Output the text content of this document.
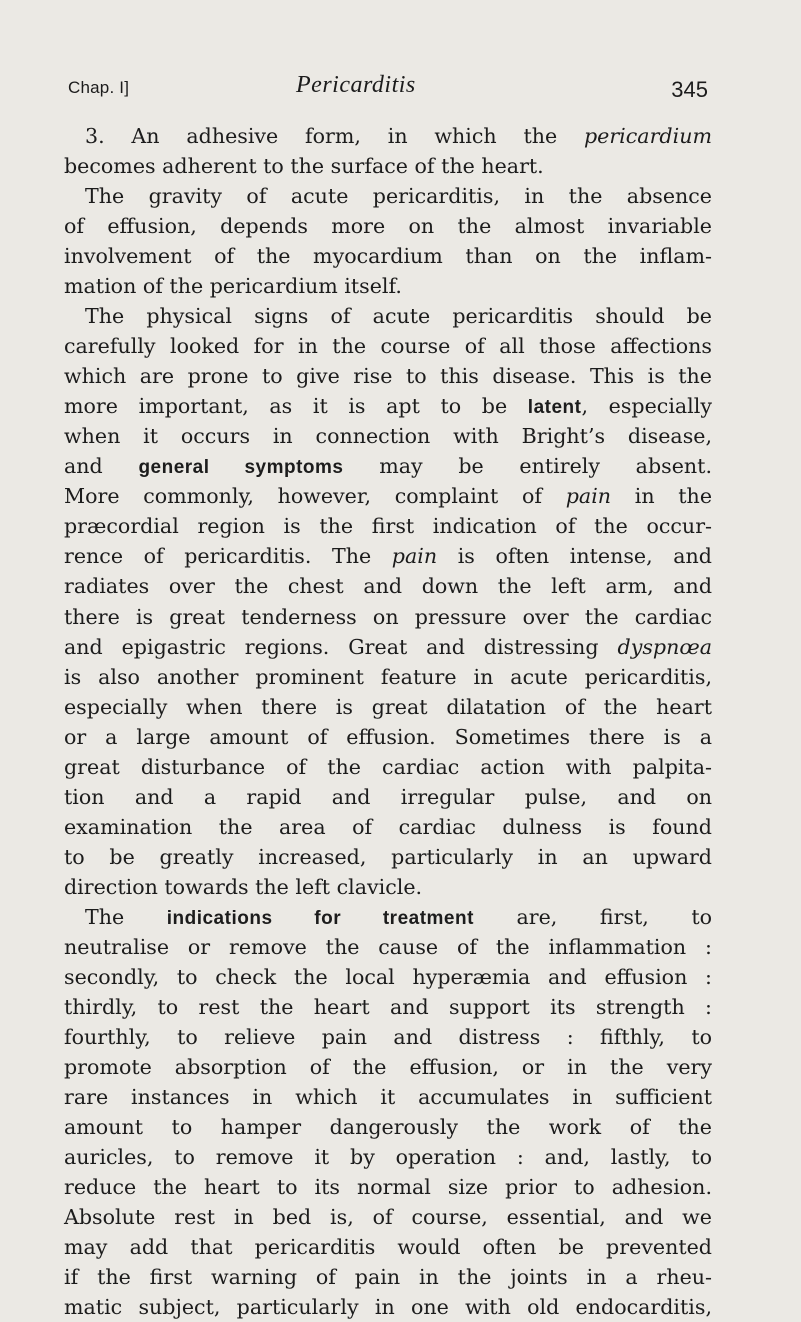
Chap. I]	Pericarditis	345
3. An adhesive form, in which the pericardium
becomes adherent to the surface of the heart.
The gravity of acute pericarditis, in the absence
of effusion, depends more on the almost invariable
involvement of the myocardium than on the inflam-
mation of the pericardium itself.
The physical signs of acute pericarditis should be
carefully looked for in the course of all those affections
which are prone to give rise to this disease. This is the
more important, as it is apt to be latent, especially
when it occurs in connection with Bright’s disease,
and general symptoms may be entirely absent.
More commonly, however, complaint of pain in the
præcordial region is the first indication of the occur-
rence of pericarditis. The pain is often intense, and
radiates over the chest and down the left arm, and
there is great tenderness on pressure over the cardiac
and epigastric regions. Great and distressing dyspnœa
is also another prominent feature in acute pericarditis,
especially when there is great dilatation of the heart
or a large amount of effusion. Sometimes there is a
great disturbance of the cardiac action with palpita-
tion and a rapid and irregular pulse, and on
examination the area of cardiac dulness is found
to be greatly increased, particularly in an upward
direction towards the left clavicle.
The indications for treatment are, first, to
neutralise or remove the cause of the inflammation :
secondly, to check the local hyperæmia and effusion :
thirdly, to rest the heart and support its strength :
fourthly, to relieve pain and distress : fifthly, to
promote absorption of the effusion, or in the very
rare instances in which it accumulates in sufficient
amount to hamper dangerously the work of the
auricles, to remove it by operation : and, lastly, to
reduce the heart to its normal size prior to adhesion.
Absolute rest in bed is, of course, essential, and we
may add that pericarditis would often be prevented
if the first warning of pain in the joints in a rheu-
matic subject, particularly in one with old endocarditis,
